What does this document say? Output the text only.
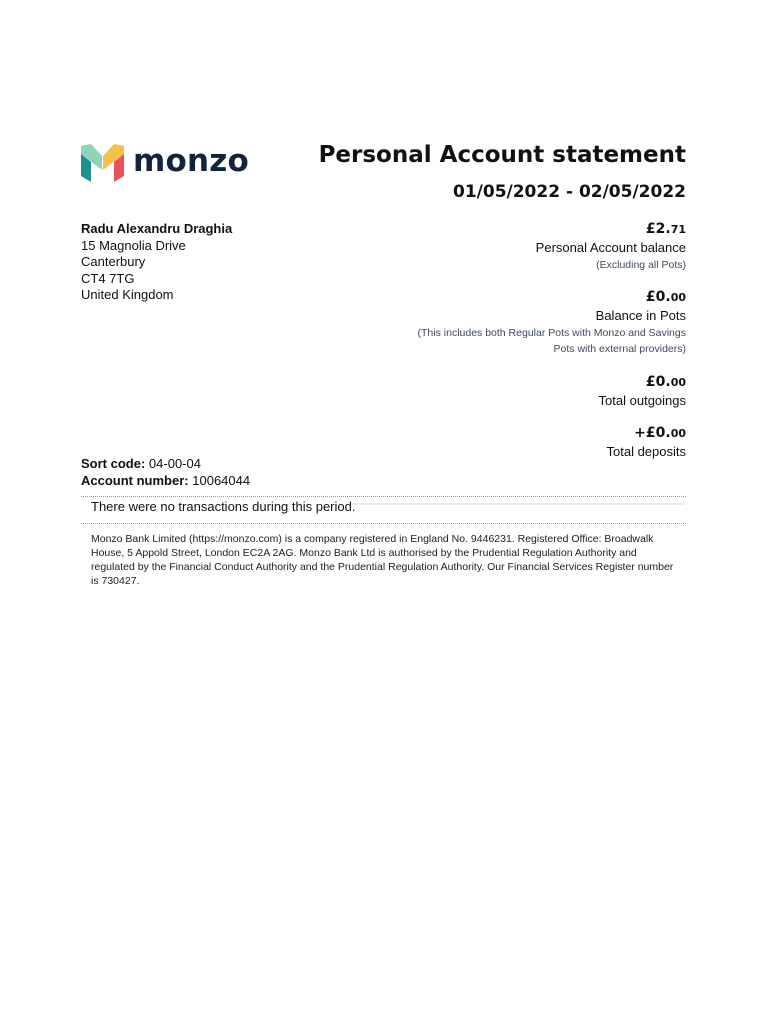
monzo	Personal Account statement
01/05/2022 - 02/05/2022
Radu Alexandru Draghia
15 Magnolia Drive
Canterbury
CT4 7TG
United Kingdom
£2.71
Personal Account balance
(Excluding all Pots)
£0.00
Balance in Pots
(This includes both Regular Pots with Monzo and Savings
Pots with external providers)
£0.00
Total outgoings
+£0.00
Total deposits
Sort code: 04-00-04
Account number: 10064044
There were no transactions during this period.
Monzo Bank Limited (https://monzo.com) is a company registered in England No. 9446231. Registered Office: Broadwalk House, 5 Appold Street, London EC2A 2AG. Monzo Bank Ltd is authorised by the Prudential Regulation Authority and regulated by the Financial Conduct Authority and the Prudential Regulation Authority. Our Financial Services Register number is 730427.
